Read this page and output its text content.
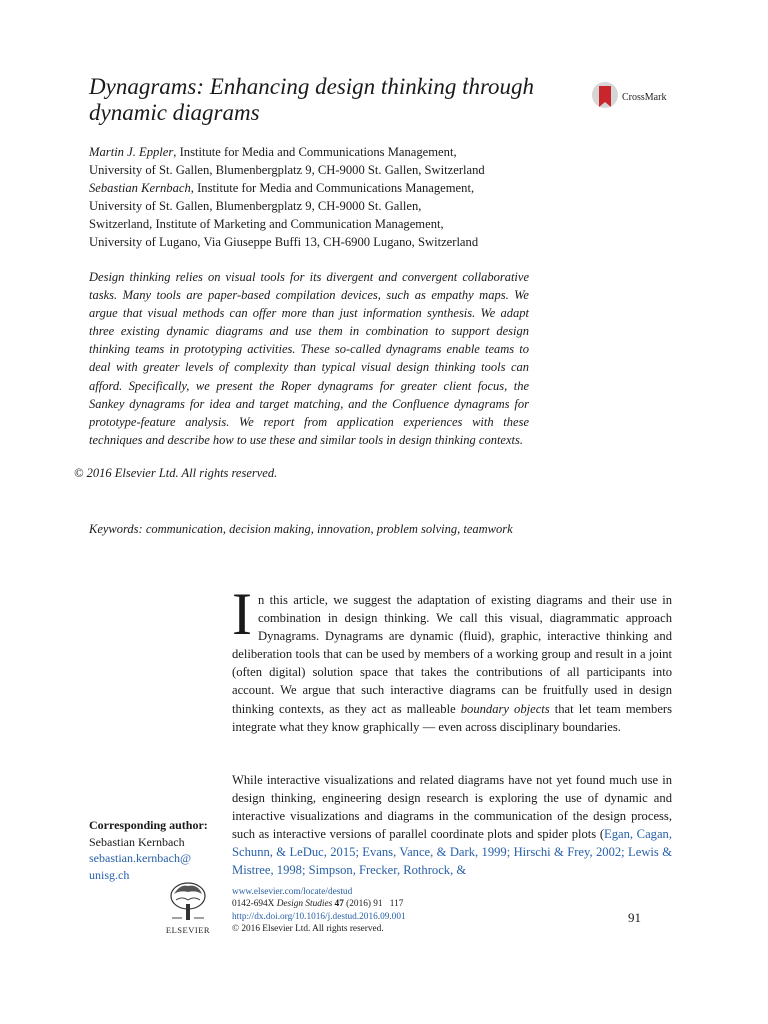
Dynagrams: Enhancing design thinking through dynamic diagrams
CrossMark
Martin J. Eppler, Institute for Media and Communications Management,
University of St. Gallen, Blumenbergplatz 9, CH-9000 St. Gallen, Switzerland
Sebastian Kernbach, Institute for Media and Communications Management,
University of St. Gallen, Blumenbergplatz 9, CH-9000 St. Gallen,
Switzerland, Institute of Marketing and Communication Management,
University of Lugano, Via Giuseppe Buffi 13, CH-6900 Lugano, Switzerland
Design thinking relies on visual tools for its divergent and convergent collaborative tasks. Many tools are paper-based compilation devices, such as empathy maps. We argue that visual methods can offer more than just information synthesis. We adapt three existing dynamic diagrams and use them in combination to support design thinking teams in prototyping activities. These so-called dynagrams enable teams to deal with greater levels of complexity than typical visual design thinking tools can afford. Specifically, we present the Roper dynagrams for greater client focus, the Sankey dynagrams for idea and target matching, and the Confluence dynagrams for prototype-feature analysis. We report from application experiences with these techniques and describe how to use these and similar tools in design thinking contexts.
© 2016 Elsevier Ltd. All rights reserved.
Keywords: communication, decision making, innovation, problem solving, teamwork
In this article, we suggest the adaptation of existing diagrams and their use in combination in design thinking. We call this visual, diagrammatic approach Dynagrams. Dynagrams are dynamic (fluid), graphic, interactive thinking and deliberation tools that can be used by members of a working group and result in a joint (often digital) solution space that takes the contributions of all participants into account. We argue that such interactive diagrams can be fruitfully used in design thinking contexts, as they act as malleable boundary objects that let team members integrate what they know graphically — even across disciplinary boundaries.
While interactive visualizations and related diagrams have not yet found much use in design thinking, engineering design research is exploring the use of dynamic and interactive visualizations and diagrams in the communication of the design process, such as interactive versions of parallel coordinate plots and spider plots (Egan, Cagan, Schunn, & LeDuc, 2015; Evans, Vance, & Dark, 1999; Hirschi & Frey, 2002; Lewis & Mistree, 1998; Simpson, Frecker, Rothrock, &
Corresponding author:
Sebastian Kernbach
sebastian.kernbach@
unisg.ch
ELSEVIER
www.elsevier.com/locate/destud
0142-694X Design Studies 47 (2016) 91 117
http://dx.doi.org/10.1016/j.destud.2016.09.001
© 2016 Elsevier Ltd. All rights reserved.
91
